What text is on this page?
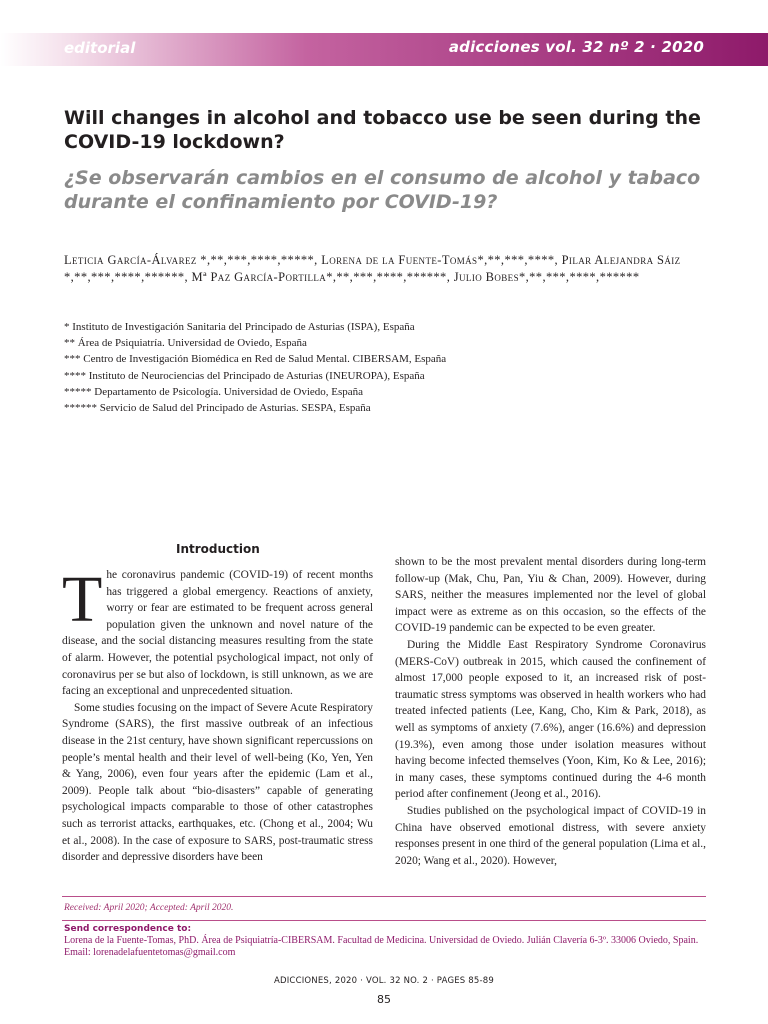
editorial	adicciones vol. 32 nº 2 · 2020
Will changes in alcohol and tobacco use be seen during the COVID-19 lockdown?
¿Se observarán cambios en el consumo de alcohol y tabaco durante el confinamiento por COVID-19?
Leticia García-Álvarez *,**,***,****,*****, Lorena de la Fuente-Tomás*,**,***,****, Pilar Alejandra Sáiz *,**,***,****,******, Mª Paz García-Portilla*,**,***,****,******, Julio Bobes*,**,***,****,******
* Instituto de Investigación Sanitaria del Principado de Asturias (ISPA), España
** Área de Psiquiatría. Universidad de Oviedo, España
*** Centro de Investigación Biomédica en Red de Salud Mental. CIBERSAM, España
**** Instituto de Neurociencias del Principado de Asturias (INEUROPA), España
***** Departamento de Psicología. Universidad de Oviedo, España
****** Servicio de Salud del Principado de Asturias. SESPA, España
Introduction

The coronavirus pandemic (COVID-19) of recent months has triggered a global emergency. Reactions of anxiety, worry or fear are estimated to be frequent across general population given the unknown and novel nature of the disease, and the social distancing measures resulting from the state of alarm. However, the potential psychological impact, not only of coronavirus per se but also of lockdown, is still unknown, as we are facing an exceptional and unprecedented situation.

Some studies focusing on the impact of Severe Acute Respiratory Syndrome (SARS), the first massive outbreak of an infectious disease in the 21st century, have shown significant repercussions on people’s mental health and their level of well-being (Ko, Yen, Yen & Yang, 2006), even four years after the epidemic (Lam et al., 2009). People talk about “bio-disasters” capable of generating psychological impacts comparable to those of other catastrophes such as terrorist attacks, earthquakes, etc. (Chong et al., 2004; Wu et al., 2008). In the case of exposure to SARS, post-traumatic stress disorder and depressive disorders have been

shown to be the most prevalent mental disorders during long-term follow-up (Mak, Chu, Pan, Yiu & Chan, 2009). However, during SARS, neither the measures implemented nor the level of global impact were as extreme as on this occasion, so the effects of the COVID-19 pandemic can be expected to be even greater.

During the Middle East Respiratory Syndrome Coronavirus (MERS-CoV) outbreak in 2015, which caused the confinement of almost 17,000 people exposed to it, an increased risk of post-traumatic stress symptoms was observed in health workers who had treated infected patients (Lee, Kang, Cho, Kim & Park, 2018), as well as symptoms of anxiety (7.6%), anger (16.6%) and depression (19.3%), even among those under isolation measures without having become infected themselves (Yoon, Kim, Ko & Lee, 2016); in many cases, these symptoms continued during the 4-6 month period after confinement (Jeong et al., 2016).

Studies published on the psychological impact of COVID-19 in China have observed emotional distress, with severe anxiety responses present in one third of the general population (Lima et al., 2020; Wang et al., 2020). However,

Received: April 2020; Accepted: April 2020.
Send correspondence to:
Lorena de la Fuente-Tomas, PhD. Área de Psiquiatría-CIBERSAM. Facultad de Medicina. Universidad de Oviedo. Julián Clavería 6-3º. 33006 Oviedo, Spain. Email: lorenadelafuentetomas@gmail.com
ADICCIONES, 2020 · VOL. 32 NO. 2 · PAGES 85-89
85
